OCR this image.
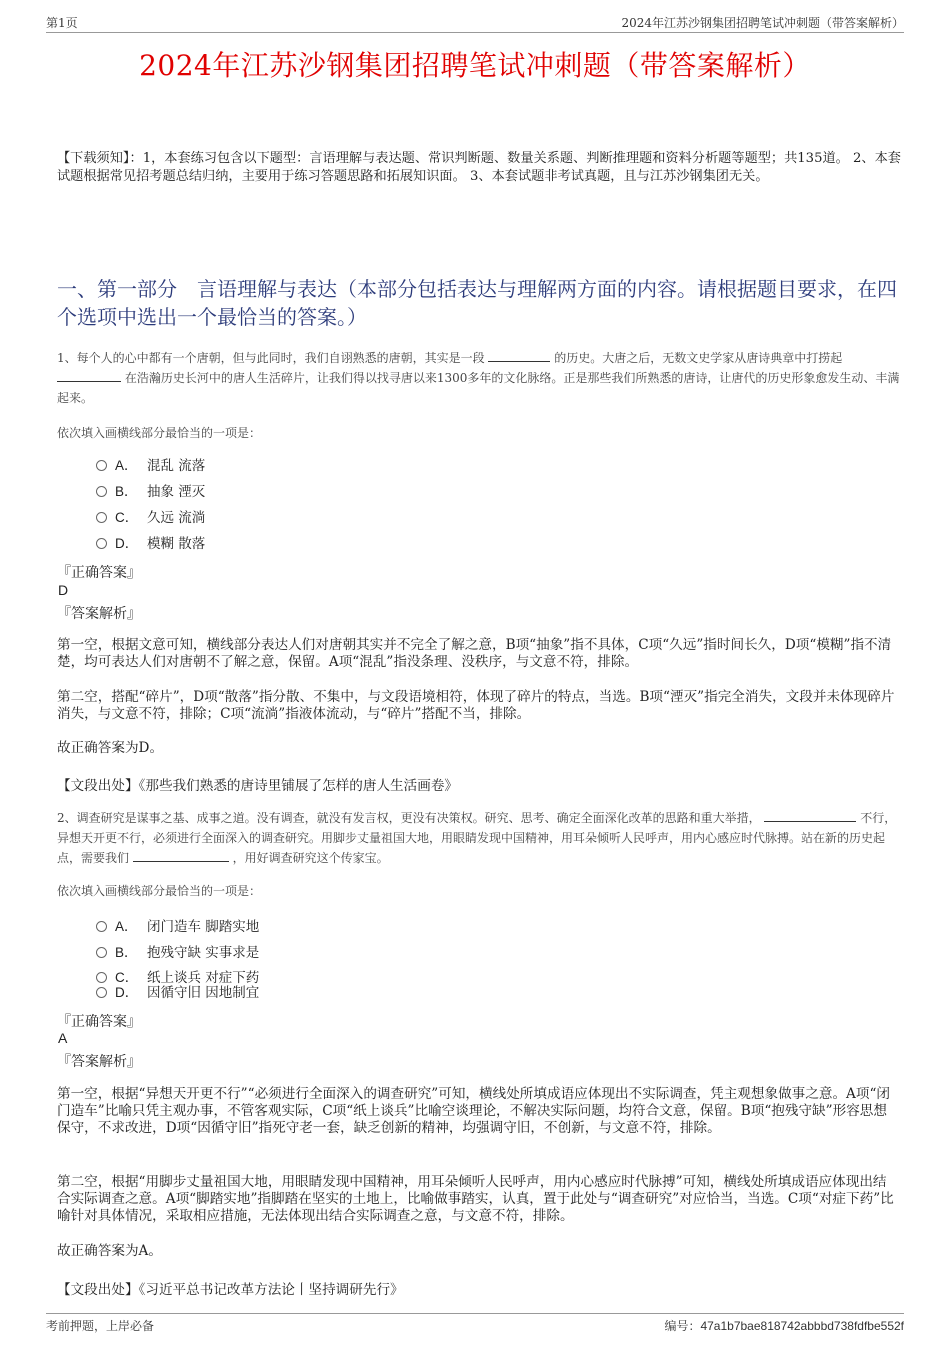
第1页	2024年江苏沙钢集团招聘笔试冲刺题（带答案解析）
2024年江苏沙钢集团招聘笔试冲刺题（带答案解析）
【下载须知】：1，本套练习包含以下题型：言语理解与表达题、常识判断题、数量关系题、判断推理题和资料分析题等题型；共135道。 2、本套试题根据常见招考题总结归纳，主要用于练习答题思路和拓展知识面。 3、本套试题非考试真题，且与江苏沙钢集团无关。
一、第一部分　言语理解与表达（本部分包括表达与理解两方面的内容。请根据题目要求，在四个选项中选出一个最恰当的答案。）
1、每个人的心中都有一个唐朝，但与此同时，我们自诩熟悉的唐朝，其实是一段	的历史。大唐之后，无数文史学家从唐诗典章中打捞起  在浩瀚历史长河中的唐人生活碎片，让我们得以找寻唐以来1300多年的文化脉络。正是那些我们所熟悉的唐诗，让唐代的历史形象愈发生动、丰满起来。
依次填入画横线部分最恰当的一项是：
A． 混乱 流落
B． 抽象 湮灭
C． 久远 流淌
D． 模糊 散落
『正确答案』
D
『答案解析』
第一空，根据文意可知，横线部分表达人们对唐朝其实并不完全了解之意，B项“抽象”指不具体，C项“久远”指时间长久，D项“模糊”指不清楚，均可表达人们对唐朝不了解之意，保留。A项“混乱”指没条理、没秩序，与文意不符，排除。
第二空，搭配“碎片”，D项“散落”指分散、不集中，与文段语境相符，体现了碎片的特点，当选。B项“湮灭”指完全消失，文段并未体现碎片消失，与文意不符，排除；C项“流淌”指液体流动，与“碎片”搭配不当，排除。
故正确答案为D。
【文段出处】《那些我们熟悉的唐诗里铺展了怎样的唐人生活画卷》
2、调查研究是谋事之基、成事之道。没有调查，就没有发言权，更没有决策权。研究、思考、确定全面深化改革的思路和重大举措，	不行，异想天开更不行，必须进行全面深入的调查研究。用脚步丈量祖国大地，用眼睛发现中国精神，用耳朵倾听人民呼声，用内心感应时代脉搏。站在新的历史起点，需要我们	，用好调查研究这个传家宝。
依次填入画横线部分最恰当的一项是：
A． 闭门造车 脚踏实地
B． 抱残守缺 实事求是
C． 纸上谈兵 对症下药
D． 因循守旧 因地制宜
『正确答案』
A
『答案解析』
第一空，根据“异想天开更不行”“必须进行全面深入的调查研究”可知，横线处所填成语应体现出不实际调查，凭主观想象做事之意。A项“闭门造车”比喻只凭主观办事，不管客观实际，C项“纸上谈兵”比喻空谈理论，不解决实际问题，均符合文意，保留。B项“抱残守缺”形容思想保守，不求改进，D项“因循守旧”指死守老一套，缺乏创新的精神，均强调守旧，不创新，与文意不符，排除。
第二空，根据“用脚步丈量祖国大地，用眼睛发现中国精神，用耳朵倾听人民呼声，用内心感应时代脉搏”可知，横线处所填成语应体现出结合实际调查之意。A项“脚踏实地”指脚踏在坚实的土地上，比喻做事踏实，认真，置于此处与“调查研究”对应恰当，当选。C项“对症下药”比喻针对具体情况，采取相应措施，无法体现出结合实际调查之意，与文意不符，排除。
故正确答案为A。
【文段出处】《习近平总书记改革方法论丨坚持调研先行》
考前押题，上岸必备	编号：47a1b7bae818742abbbd738fdfbe552f
